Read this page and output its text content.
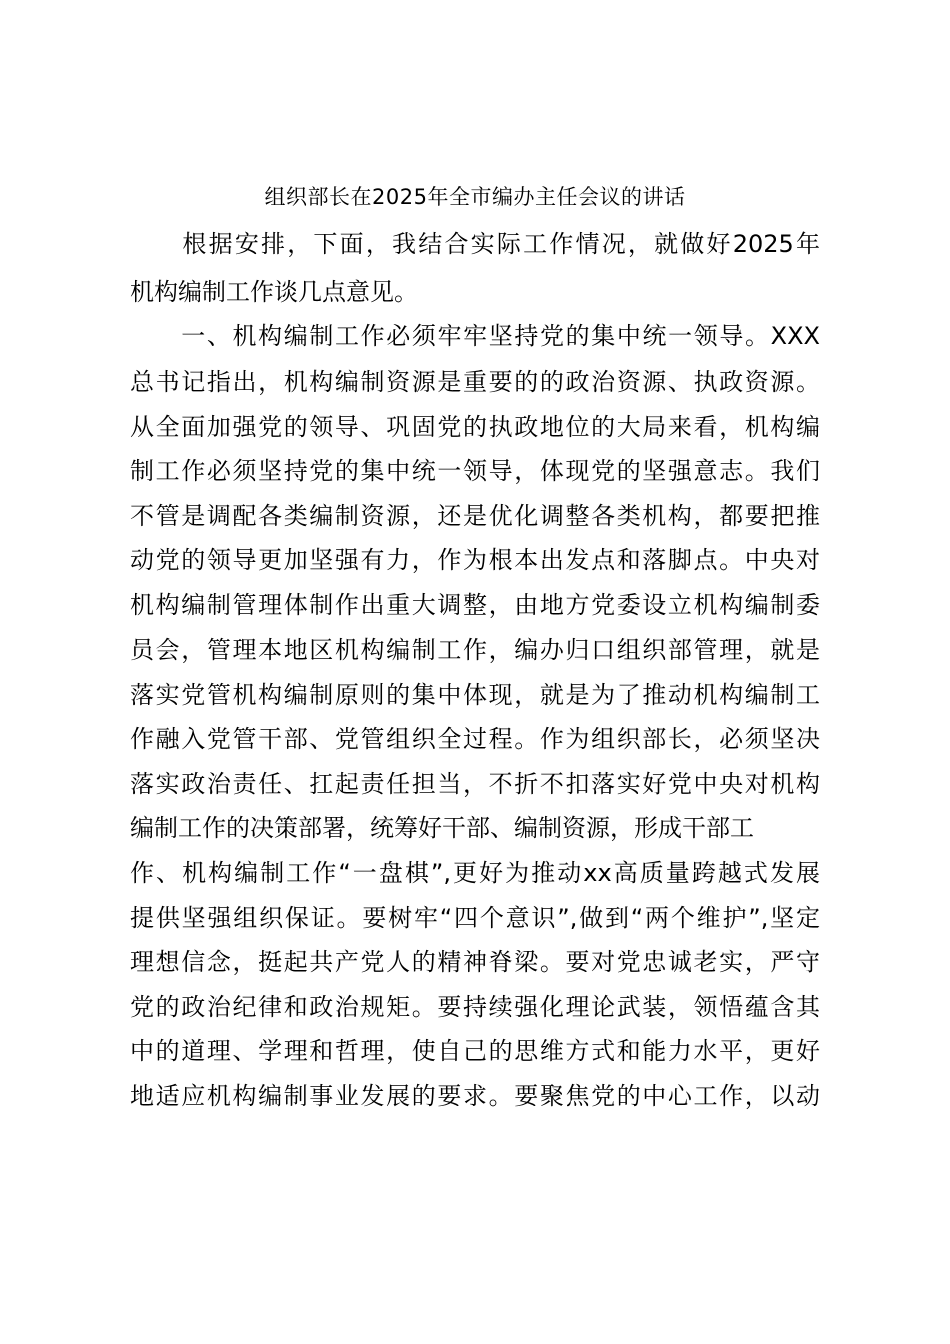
组织部长在2025年全市编办主任会议的讲话

　　根据安排，下面，我结合实际工作情况，就做好2025年

机构编制工作谈几点意见。

　　一、机构编制工作必须牢牢坚持党的集中统一领导。XXX

总书记指出，机构编制资源是重要的的政治资源、执政资源。

从全面加强党的领导、巩固党的执政地位的大局来看，机构编

制工作必须坚持党的集中统一领导，体现党的坚强意志。我们

不管是调配各类编制资源，还是优化调整各类机构，都要把推

动党的领导更加坚强有力，作为根本出发点和落脚点。中央对

机构编制管理体制作出重大调整，由地方党委设立机构编制委

员会，管理本地区机构编制工作，编办归口组织部管理，就是

落实党管机构编制原则的集中体现，就是为了推动机构编制工

作融入党管干部、党管组织全过程。作为组织部长，必须坚决

落实政治责任、扛起责任担当，不折不扣落实好党中央对机构

编制工作的决策部署，统筹好干部、编制资源，形成干部工

作、机构编制工作“一盘棋”,更好为推动xx高质量跨越式发展

提供坚强组织保证。要树牢“四个意识”,做到“两个维护”,坚定

理想信念，挺起共产党人的精神脊梁。要对党忠诚老实，严守

党的政治纪律和政治规矩。要持续强化理论武装，领悟蕴含其

中的道理、学理和哲理，使自己的思维方式和能力水平，更好

地适应机构编制事业发展的要求。要聚焦党的中心工作，以动
